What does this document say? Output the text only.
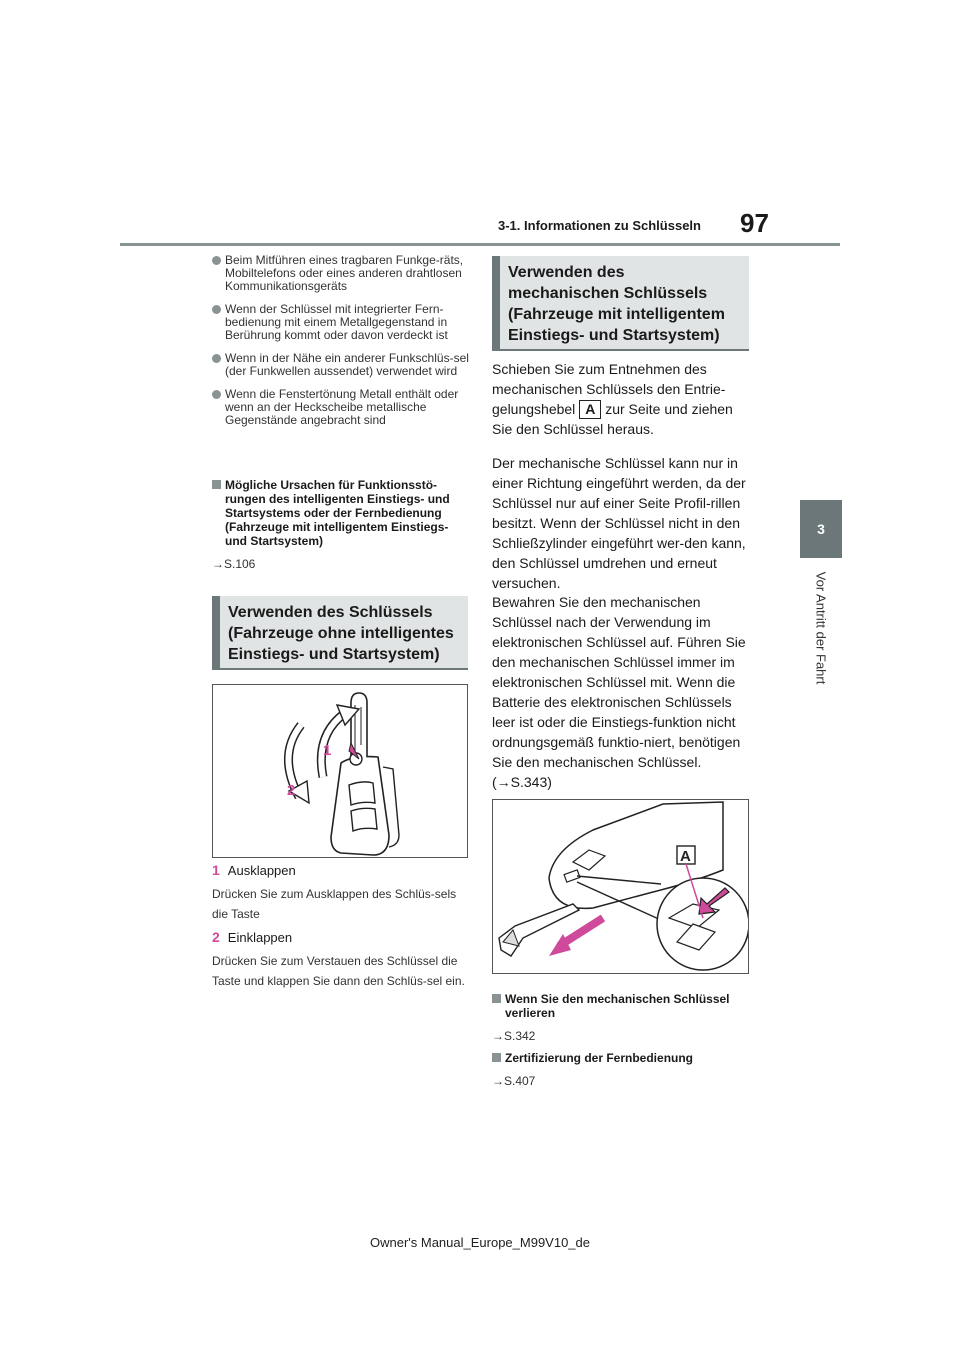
3-1. Informationen zu Schlüsseln 97
3
Vor Antritt der Fahrt
Beim Mitführen eines tragbaren Funkge-räts, Mobiltelefons oder eines anderen drahtlosen Kommunikationsgeräts
Wenn der Schlüssel mit integrierter Fern-bedienung mit einem Metallgegenstand in Berührung kommt oder davon verdeckt ist
Wenn in der Nähe ein anderer Funkschlüs-sel (der Funkwellen aussendet) verwendet wird
Wenn die Fenstertönung Metall enthält oder wenn an der Heckscheibe metallische Gegenstände angebracht sind
Mögliche Ursachen für Funktionsstö-rungen des intelligenten Einstiegs- und Startsystems oder der Fernbedienung (Fahrzeuge mit intelligentem Einstiegs- und Startsystem)
→S.106
Verwenden des Schlüssels (Fahrzeuge ohne intelligentes Einstiegs- und Startsystem)
1
2
1 Ausklappen
Drücken Sie zum Ausklappen des Schlüs-sels die Taste
2 Einklappen
Drücken Sie zum Verstauen des Schlüssel die Taste und klappen Sie dann den Schlüs-sel ein.
Verwenden des mechanischen Schlüssels (Fahrzeuge mit intelligentem Einstiegs- und Startsystem)
Schieben Sie zum Entnehmen des mechanischen Schlüssels den Entrie-gelungshebel A zur Seite und ziehen Sie den Schlüssel heraus.
Der mechanische Schlüssel kann nur in einer Richtung eingeführt werden, da der Schlüssel nur auf einer Seite Profil-rillen besitzt. Wenn der Schlüssel nicht in den Schließzylinder eingeführt wer-den kann, den Schlüssel umdrehen und erneut versuchen.
Bewahren Sie den mechanischen Schlüssel nach der Verwendung im elektronischen Schlüssel auf. Führen Sie den mechanischen Schlüssel immer im elektronischen Schlüssel mit. Wenn die Batterie des elektronischen Schlüssels leer ist oder die Einstiegs-funktion nicht ordnungsgemäß funktio-niert, benötigen Sie den mechanischen Schlüssel. (→S.343)
A
Wenn Sie den mechanischen Schlüssel verlieren
→S.342
Zertifizierung der Fernbedienung
→S.407
Owner's Manual_Europe_M99V10_de
